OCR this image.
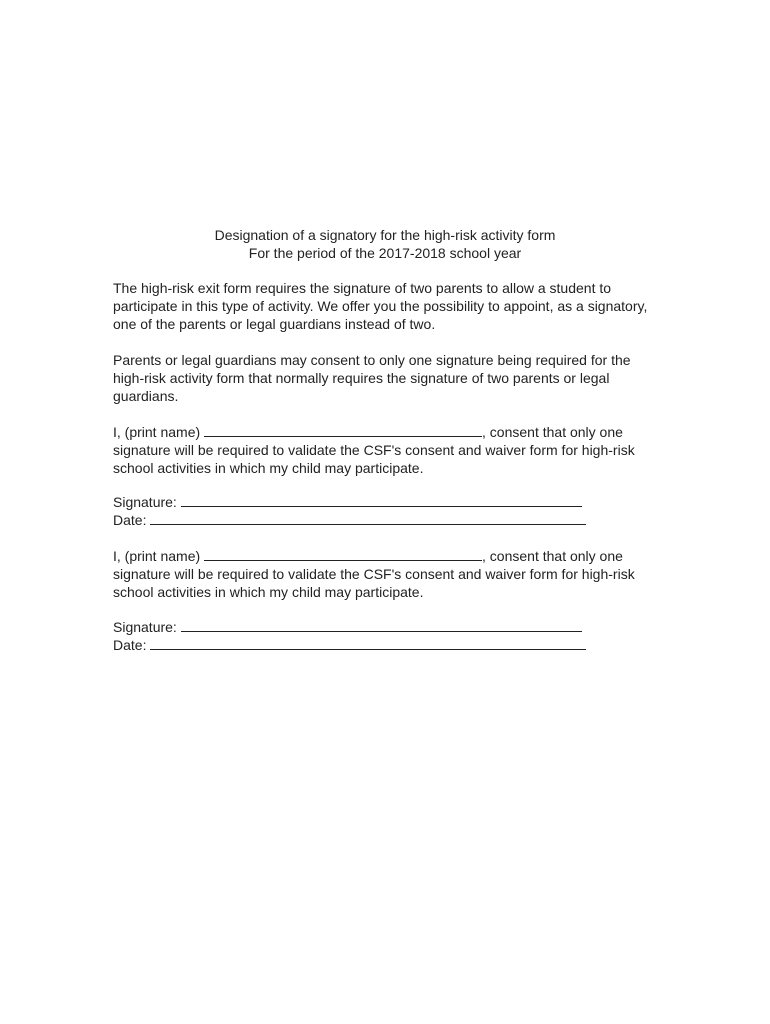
Designation of a signatory for the high-risk activity form
For the period of the 2017-2018 school year

The high-risk exit form requires the signature of two parents to allow a student to participate in this type of activity. We offer you the possibility to appoint, as a signatory, one of the parents or legal guardians instead of two.

Parents or legal guardians may consent to only one signature being required for the high-risk activity form that normally requires the signature of two parents or legal guardians.

I, (print name)	, consent that only one signature will be required to validate the CSF's consent and waiver form for high-risk school activities in which my child may participate.

Signature:
Date:

I, (print name)	, consent that only one signature will be required to validate the CSF's consent and waiver form for high-risk school activities in which my child may participate.

Signature:
Date:
